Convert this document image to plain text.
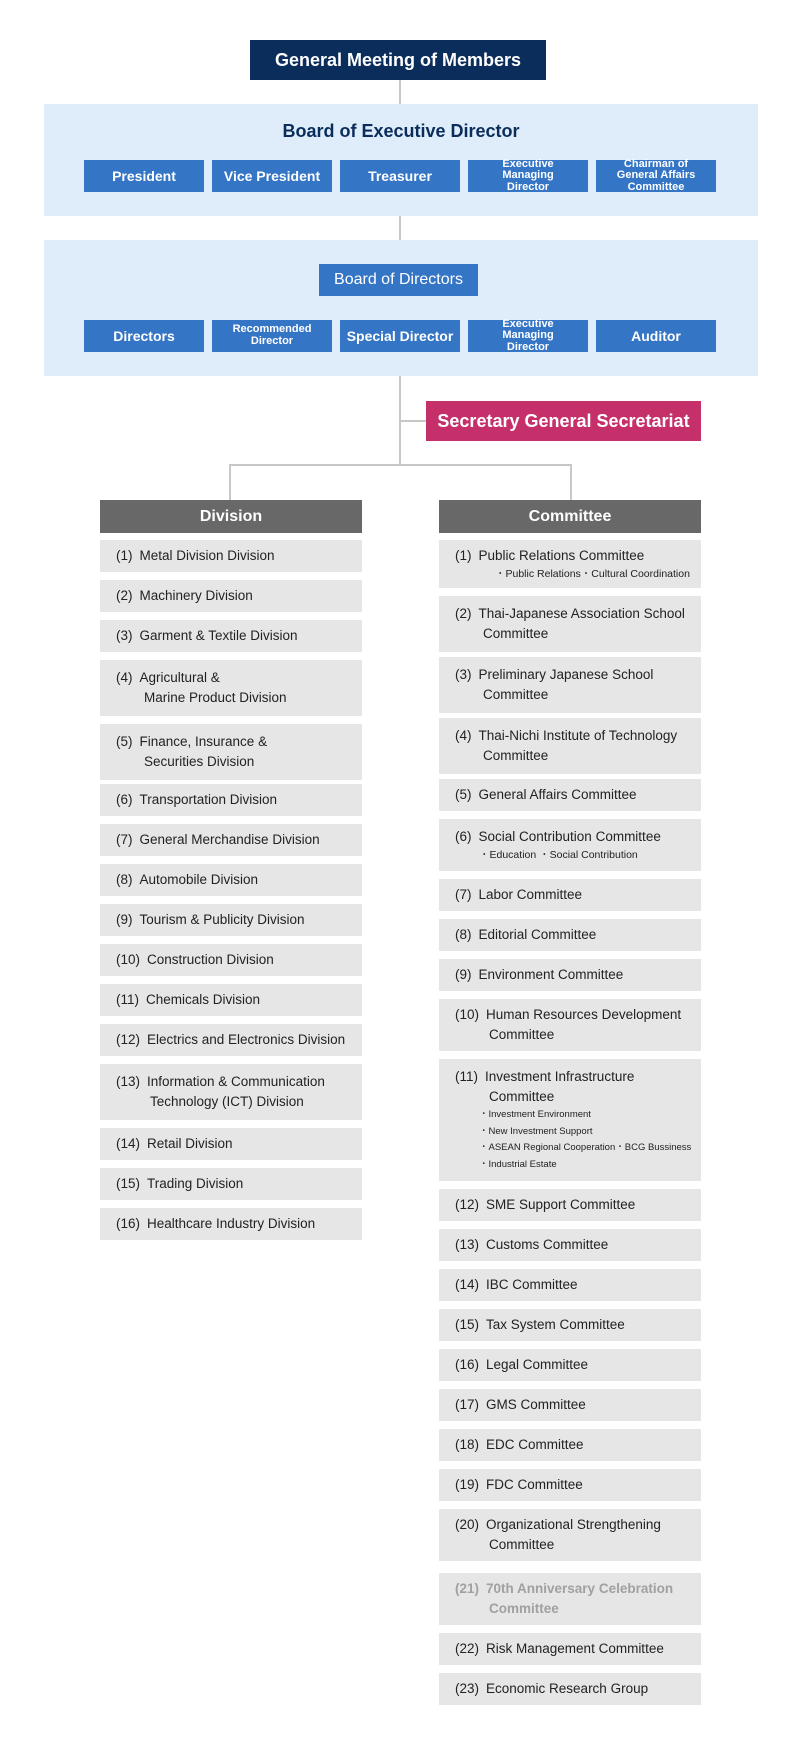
General Meeting of Members
Board of Executive Director
President	Vice President	Treasurer
Executive Managing Director
Chairman of General Affairs Committee
Board of Directors
Directors	Recommended Director	Special Director
Executive Managing Director
Auditor
Secretary General Secretariat
Division	Committee
(1) Metal Division Division
(2) Machinery Division
(3) Garment & Textile Division
(4) Agricultural &
Marine Product Division
(5) Finance, Insurance &
Securities Division
(6) Transportation Division
(7) General Merchandise Division
(8) Automobile Division
(9) Tourism & Publicity Division
(10) Construction Division
(11) Chemicals Division
(12) Electrics and Electronics Division
(13) Information & Communication
Technology (ICT) Division
(14) Retail Division
(15) Trading Division
(16) Healthcare Industry Division
(1) Public Relations Committee
・Public Relations・Cultural Coordination
(2) Thai-Japanese Association School
Committee
(3) Preliminary Japanese School
Committee
(4) Thai-Nichi Institute of Technology
Committee
(5) General Affairs Committee
(6) Social Contribution Committee
・Education ・Social Contribution
(7) Labor Committee
(8) Editorial Committee
(9) Environment Committee
(10) Human Resources Development
Committee
(11) Investment Infrastructure
Committee
・Investment Environment
・New Investment Support
・ASEAN Regional Cooperation・BCG Bussiness
・Industrial Estate
(12) SME Support Committee
(13) Customs Committee
(14) IBC Committee
(15) Tax System Committee
(16) Legal Committee
(17) GMS Committee
(18) EDC Committee
(19) FDC Committee
(20) Organizational Strengthening
Committee
(21) 70th Anniversary Celebration
Committee
(22) Risk Management Committee
(23) Economic Research Group
